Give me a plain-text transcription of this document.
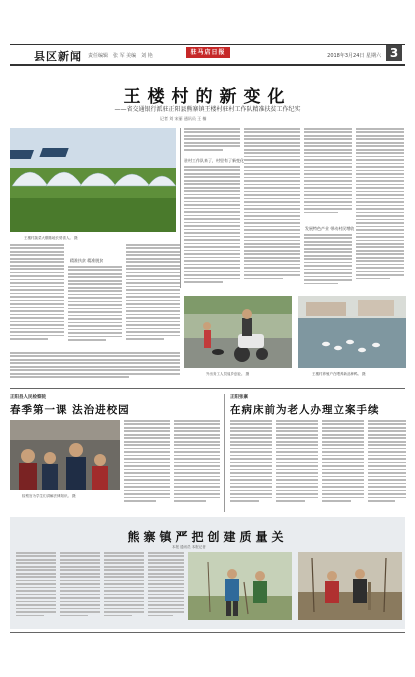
县区新闻 责任编辑　张 军 美编　刘 艳	驻马店日报	2018年3月24日 星期六 3
王楼村的新变化
——省交通银行派驻正阳县熊寨镇王楼村驻村工作队精准扶贫工作纪实
记者 刘 宋丽 通讯员 王 楠
王楼村蔬菜大棚基地长势喜人。 摄
驻村工作队来了，村里有了新变化
发展特色产业 带动村民增收
精准扶贫 精准脱贫
外出务工人员返乡创业。 摄	王楼村养殖户在喂养新品种鸭。 摄
正阳县人民检察院
春季第一课 法治进校园
检察官为学生们讲解法律知识。 摄
正阳张寨
在病床前为老人办理立案手续
熊寨镇严把创建质量关
本报 通讯员 本报记者
